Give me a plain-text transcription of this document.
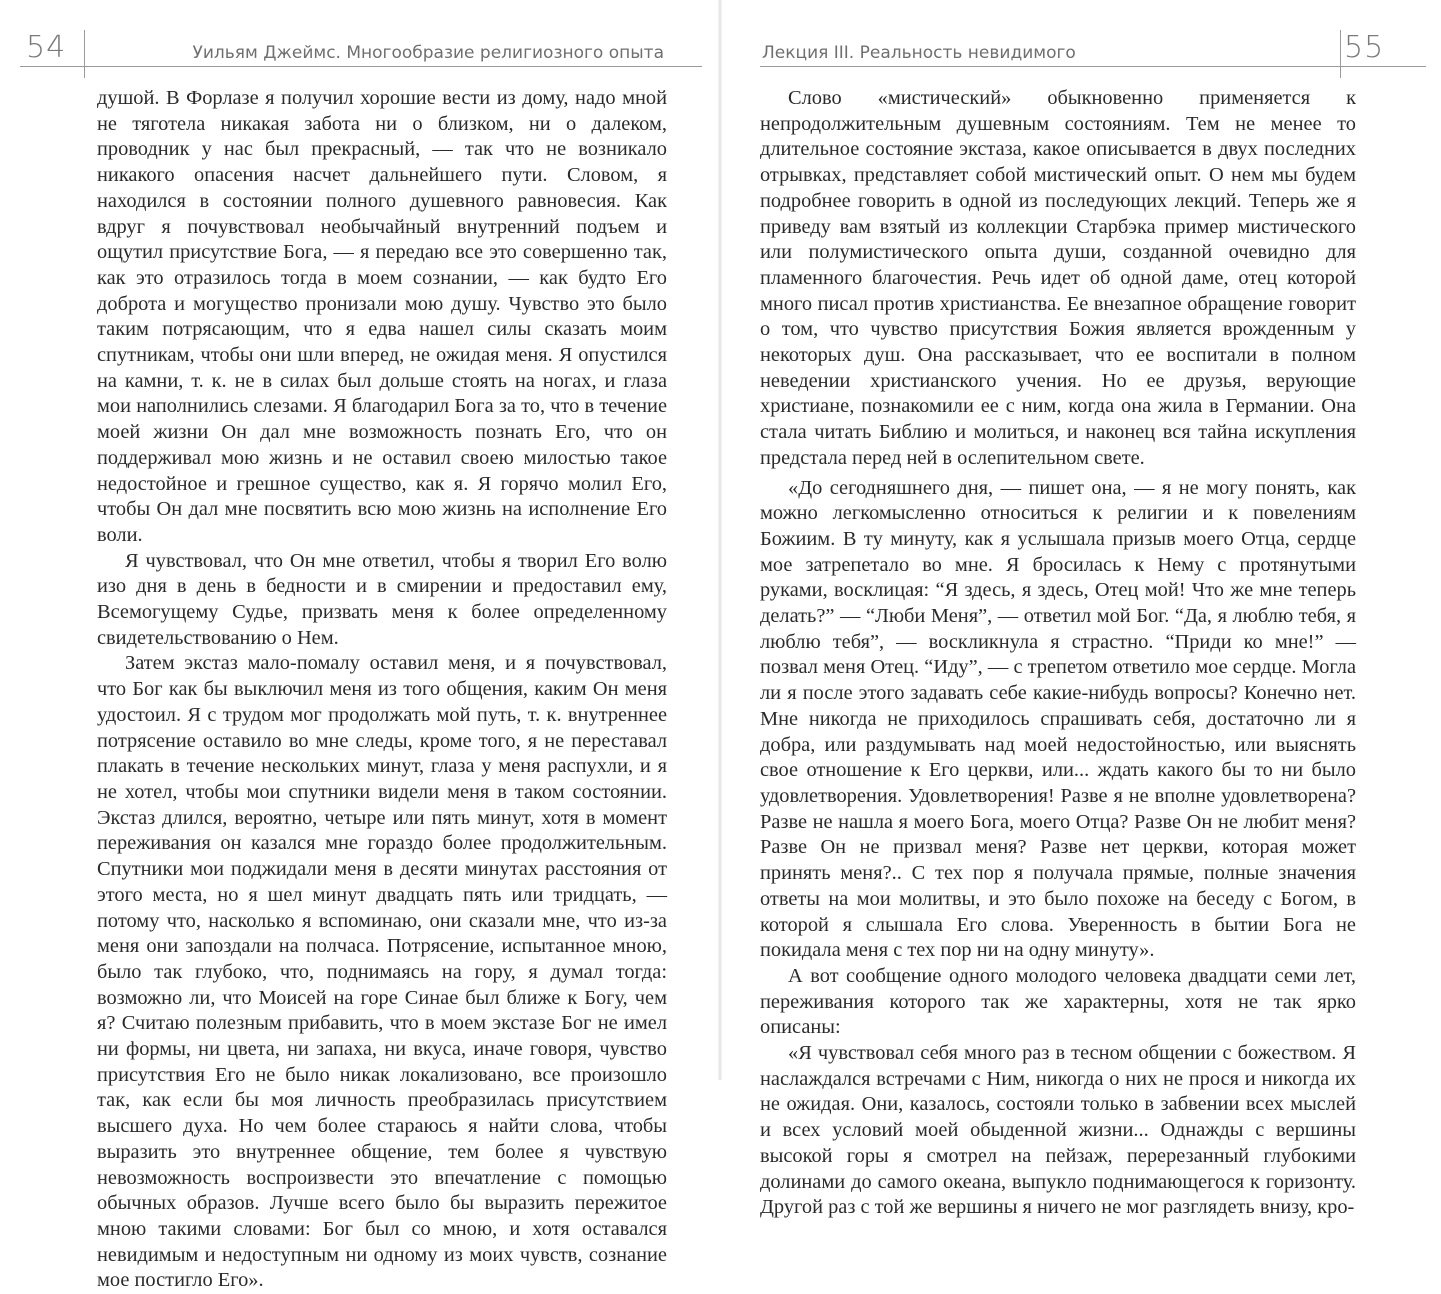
54	Уильям Джеймс. Многообразие религиозного опыта

душой. В Форлазе я получил хорошие вести из дому, надо мной не тяготела никакая забота ни о близком, ни о далеком, проводник у нас был прекрасный, — так что не возникало никакого опасения насчет дальнейшего пути. Словом, я находился в состоянии полного душевного равновесия. Как вдруг я почувствовал необычайный внутренний подъем и ощутил присутствие Бога, — я передаю все это совершенно так, как это отразилось тогда в моем сознании, — как будто Его доброта и могущество пронизали мою душу. Чувство это было таким потрясающим, что я едва нашел силы сказать моим спутникам, чтобы они шли вперед, не ожидая меня. Я опустился на камни, т. к. не в силах был дольше стоять на ногах, и глаза мои наполнились слезами. Я благодарил Бога за то, что в течение моей жизни Он дал мне возможность познать Его, что он поддерживал мою жизнь и не оставил своею милостью такое недостойное и грешное существо, как я. Я горячо молил Его, чтобы Он дал мне посвятить всю мою жизнь на исполнение Его воли.

Я чувствовал, что Он мне ответил, чтобы я творил Его волю изо дня в день в бедности и в смирении и предоставил ему, Всемогущему Судье, призвать меня к более определенному свидетельствованию о Нем.

Затем экстаз мало-помалу оставил меня, и я почувствовал, что Бог как бы выключил меня из того общения, каким Он меня удостоил. Я с трудом мог продолжать мой путь, т. к. внутреннее потрясение оставило во мне следы, кроме того, я не переставал плакать в течение нескольких минут, глаза у меня распухли, и я не хотел, чтобы мои спутники видели меня в таком состоянии. Экстаз длился, вероятно, четыре или пять минут, хотя в момент переживания он казался мне гораздо более продолжительным. Спутники мои поджидали меня в десяти минутах расстояния от этого места, но я шел минут двадцать пять или тридцать, — потому что, насколько я вспоминаю, они сказали мне, что из-за меня они запоздали на полчаса. Потрясение, испытанное мною, было так глубоко, что, поднимаясь на гору, я думал тогда: возможно ли, что Моисей на горе Синае был ближе к Богу, чем я? Считаю полезным прибавить, что в моем экстазе Бог не имел ни формы, ни цвета, ни запаха, ни вкуса, иначе говоря, чувство присутствия Его не было никак локализовано, все произошло так, как если бы моя личность преобразилась присутствием высшего духа. Но чем более стараюсь я найти слова, чтобы выразить это внутреннее общение, тем более я чувствую невозможность воспроизвести это впечатление с помощью обычных образов. Лучше всего было бы выразить пережитое мною такими словами: Бог был со мною, и хотя оставался невидимым и недоступным ни одному из моих чувств, сознание мое постигло Его».

Лекция III. Реальность невидимого	55

Слово «мистический» обыкновенно применяется к непродолжительным душевным состояниям. Тем не менее то длительное состояние экстаза, какое описывается в двух последних отрывках, представляет собой мистический опыт. О нем мы будем подробнее говорить в одной из последующих лекций. Теперь же я приведу вам взятый из коллекции Старбэка пример мистического или полумистического опыта души, созданной очевидно для пламенного благочестия. Речь идет об одной даме, отец которой много писал против христианства. Ее внезапное обращение говорит о том, что чувство присутствия Божия является врожденным у некоторых душ. Она рассказывает, что ее воспитали в полном неведении христианского учения. Но ее друзья, верующие христиане, познакомили ее с ним, когда она жила в Германии. Она стала читать Библию и молиться, и наконец вся тайна искупления предстала перед ней в ослепительном свете.

«До сегодняшнего дня, — пишет она, — я не могу понять, как можно легкомысленно относиться к религии и к повелениям Божиим. В ту минуту, как я услышала призыв моего Отца, сердце мое затрепетало во мне. Я бросилась к Нему с протянутыми руками, восклицая: “Я здесь, я здесь, Отец мой! Что же мне теперь делать?” — “Люби Меня”, — ответил мой Бог. “Да, я люблю тебя, я люблю тебя”, — воскликнула я страстно. “Приди ко мне!” — позвал меня Отец. “Иду”, — с трепетом ответило мое сердце. Могла ли я после этого задавать себе какие-нибудь вопросы? Конечно нет. Мне никогда не приходилось спрашивать себя, достаточно ли я добра, или раздумывать над моей недостойностью, или выяснять свое отношение к Его церкви, или... ждать какого бы то ни было удовлетворения. Удовлетворения! Разве я не вполне удовлетворена? Разве не нашла я моего Бога, моего Отца? Разве Он не любит меня? Разве Он не призвал меня? Разве нет церкви, которая может принять меня?.. С тех пор я получала прямые, полные значения ответы на мои молитвы, и это было похоже на беседу с Богом, в которой я слышала Его слова. Уверенность в бытии Бога не покидала меня с тех пор ни на одну минуту».

А вот сообщение одного молодого человека двадцати семи лет, переживания которого так же характерны, хотя не так ярко описаны:

«Я чувствовал себя много раз в тесном общении с божеством. Я наслаждался встречами с Ним, никогда о них не прося и никогда их не ожидая. Они, казалось, состояли только в забвении всех мыслей и всех условий моей обыденной жизни... Однажды с вершины высокой горы я смотрел на пейзаж, перерезанный глубокими долинами до самого океана, выпукло поднимающегося к горизонту. Другой раз с той же вершины я ничего не мог разглядеть внизу, кро-
